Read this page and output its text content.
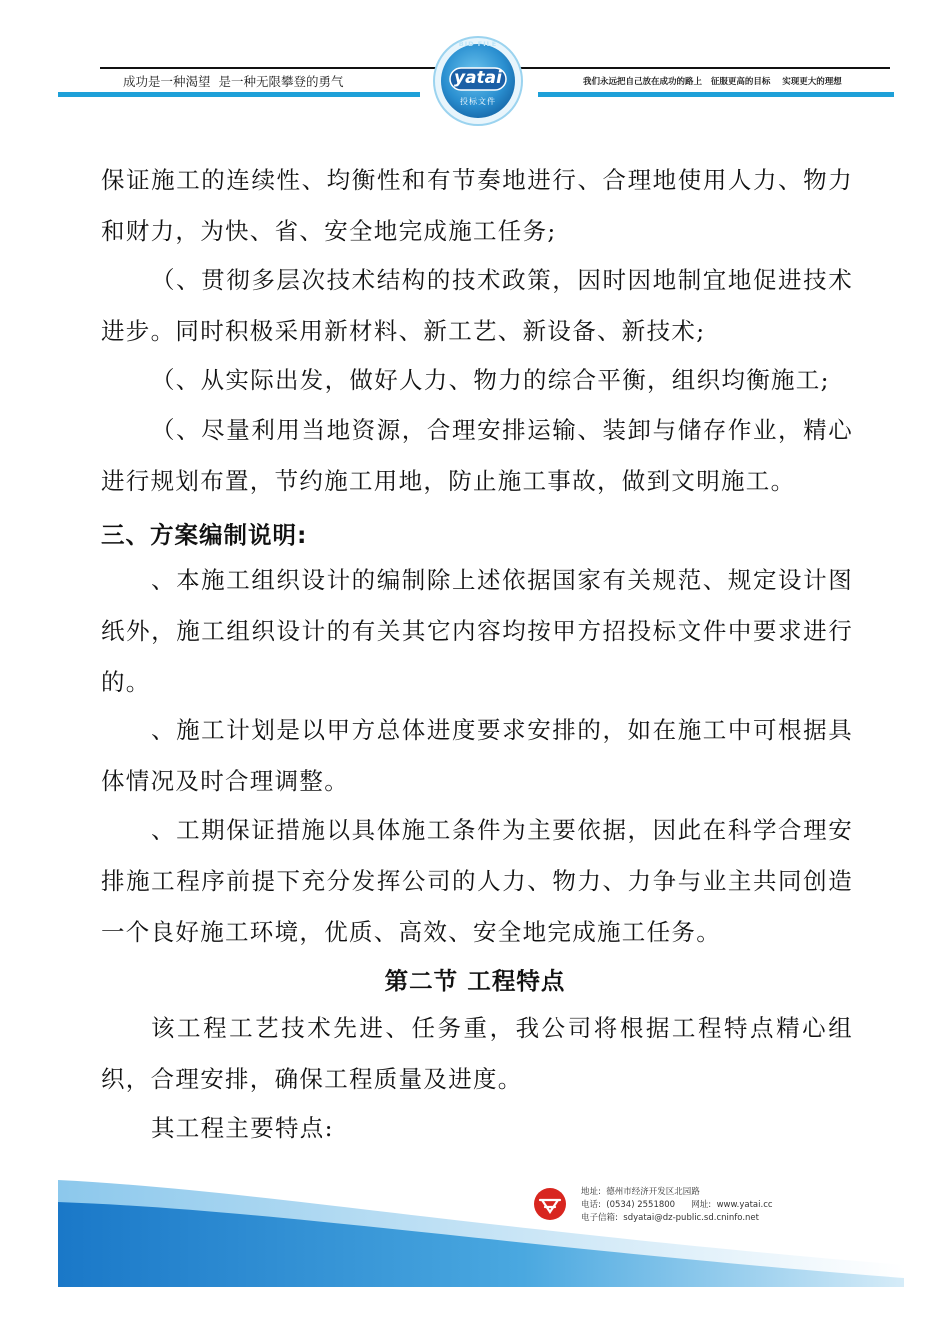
成功是一种渴望  是一种无限攀登的勇气	我们永远把自己放在成功的路上   征服更高的目标    实现更大的理想
BID FILE
yatai
投标文件

保证施工的连续性、均衡性和有节奏地进行、合理地使用人力、物力和财力，为快、省、安全地完成施工任务;

（、贯彻多层次技术结构的技术政策，因时因地制宜地促进技术进步。同时积极采用新材料、新工艺、新设备、新技术;

（、从实际出发，做好人力、物力的综合平衡，组织均衡施工;

（、尽量利用当地资源，合理安排运输、装卸与储存作业，精心进行规划布置，节约施工用地，防止施工事故，做到文明施工。

三、方案编制说明:

、本施工组织设计的编制除上述依据国家有关规范、规定设计图纸外，施工组织设计的有关其它内容均按甲方招投标文件中要求进行的。

、施工计划是以甲方总体进度要求安排的，如在施工中可根据具体情况及时合理调整。

、工期保证措施以具体施工条件为主要依据，因此在科学合理安排施工程序前提下充分发挥公司的人力、物力、力争与业主共同创造一个良好施工环境，优质、高效、安全地完成施工任务。

第二节 工程特点

该工程工艺技术先进、任务重，我公司将根据工程特点精心组织，合理安排，确保工程质量及进度。

其工程主要特点:

地址:  德州市经济开发区北园路
电话:  (0534) 2551800      网址:  www.yatai.cc
电子信箱:  sdyatai@dz-public.sd.cninfo.net
